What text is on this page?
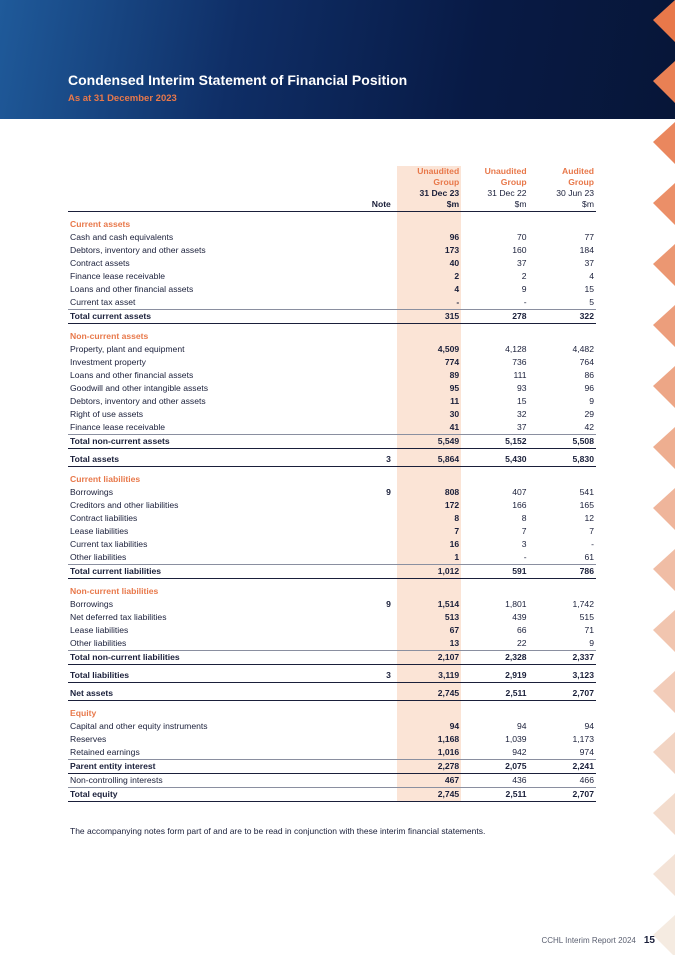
Condensed Interim Statement of Financial Position
As at 31 December 2023
		Unaudited	Unaudited	Audited
		Group	Group	Group
		31 Dec 23	31 Dec 22	30 Jun 23
	Note	$m	$m	$m

Current assets				
Cash and cash equivalents		96	70	77
Debtors, inventory and other assets		173	160	184
Contract assets		40	37	37
Finance lease receivable		2	2	4
Loans and other financial assets		4	9	15
Current tax asset		-	-	5
Total current assets		315	278	322

Non-current assets				
Property, plant and equipment		4,509	4,128	4,482
Investment property		774	736	764
Loans and other financial assets		89	111	86
Goodwill and other intangible assets		95	93	96
Debtors, inventory and other assets		11	15	9
Right of use assets		30	32	29
Finance lease receivable		41	37	42
Total non-current assets		5,549	5,152	5,508

Total assets	3	5,864	5,430	5,830

Current liabilities				
Borrowings	9	808	407	541
Creditors and other liabilities		172	166	165
Contract liabilities		8	8	12
Lease liabilities		7	7	7
Current tax liabilities		16	3	-
Other liabilities		1	-	61
Total current liabilities		1,012	591	786

Non-current liabilities				
Borrowings	9	1,514	1,801	1,742
Net deferred tax liabilities		513	439	515
Lease liabilities		67	66	71
Other liabilities		13	22	9
Total non-current liabilities		2,107	2,328	2,337

Total liabilities	3	3,119	2,919	3,123

Net assets		2,745	2,511	2,707

Equity				
Capital and other equity instruments		94	94	94
Reserves		1,168	1,039	1,173
Retained earnings		1,016	942	974
Parent entity interest		2,278	2,075	2,241
Non-controlling interests		467	436	466
Total equity		2,745	2,511	2,707
The accompanying notes form part of and are to be read in conjunction with these interim financial statements.
CCHL Interim Report 2024 15
